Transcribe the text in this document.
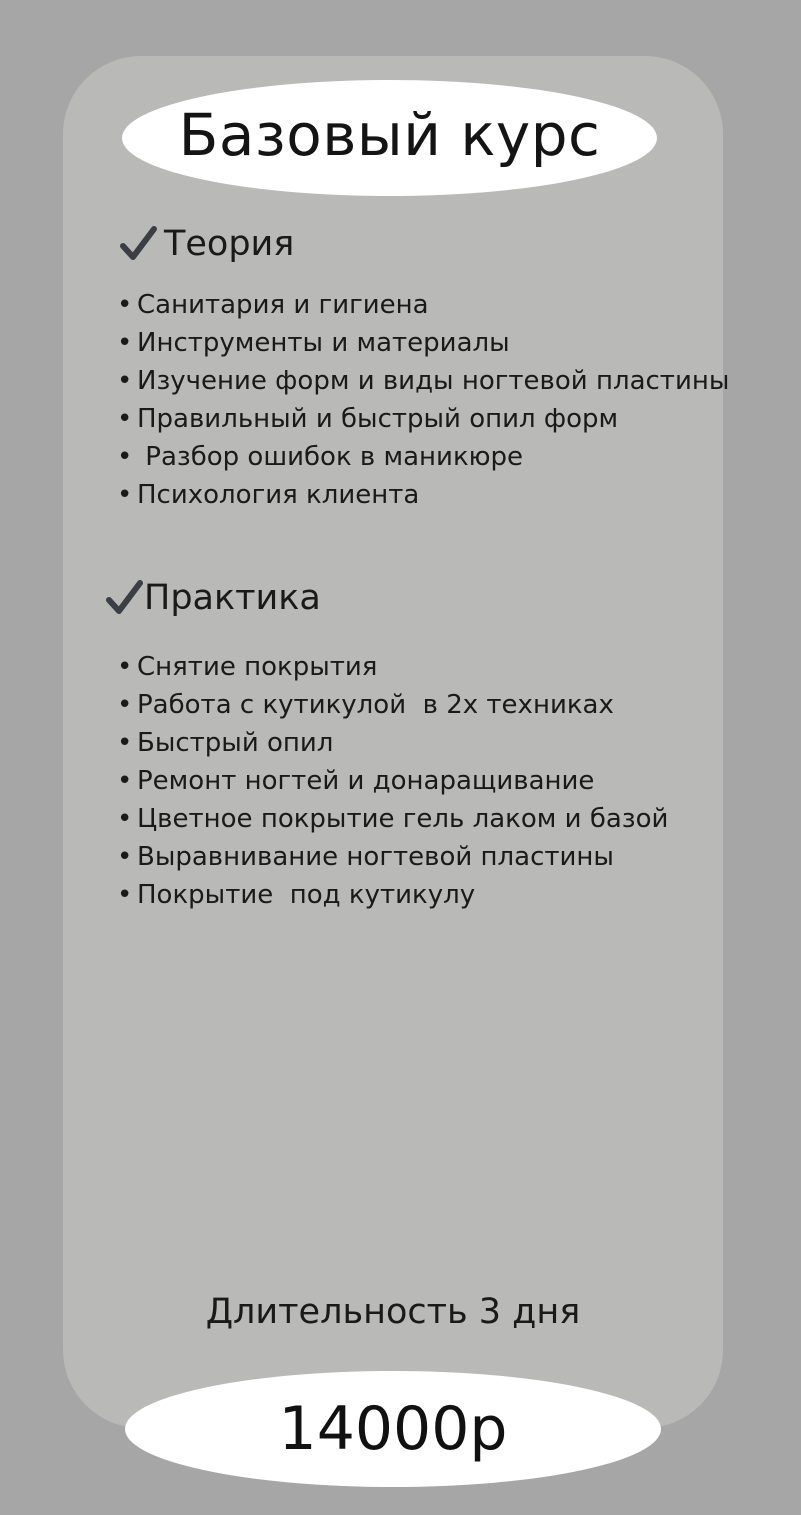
Базовый курс
Теория
• Санитария и гигиена
• Инструменты и материалы
• Изучение форм и виды ногтевой пластины
• Правильный и быстрый опил форм
• Разбор ошибок в маникюре
• Психология клиента
Практика
• Снятие покрытия
• Работа с кутикулой  в 2х техниках
• Быстрый опил
• Ремонт ногтей и донаращивание
• Цветное покрытие гель лаком и базой
• Выравнивание ногтевой пластины
• Покрытие  под кутикулу
Длительность 3 дня
14000р
